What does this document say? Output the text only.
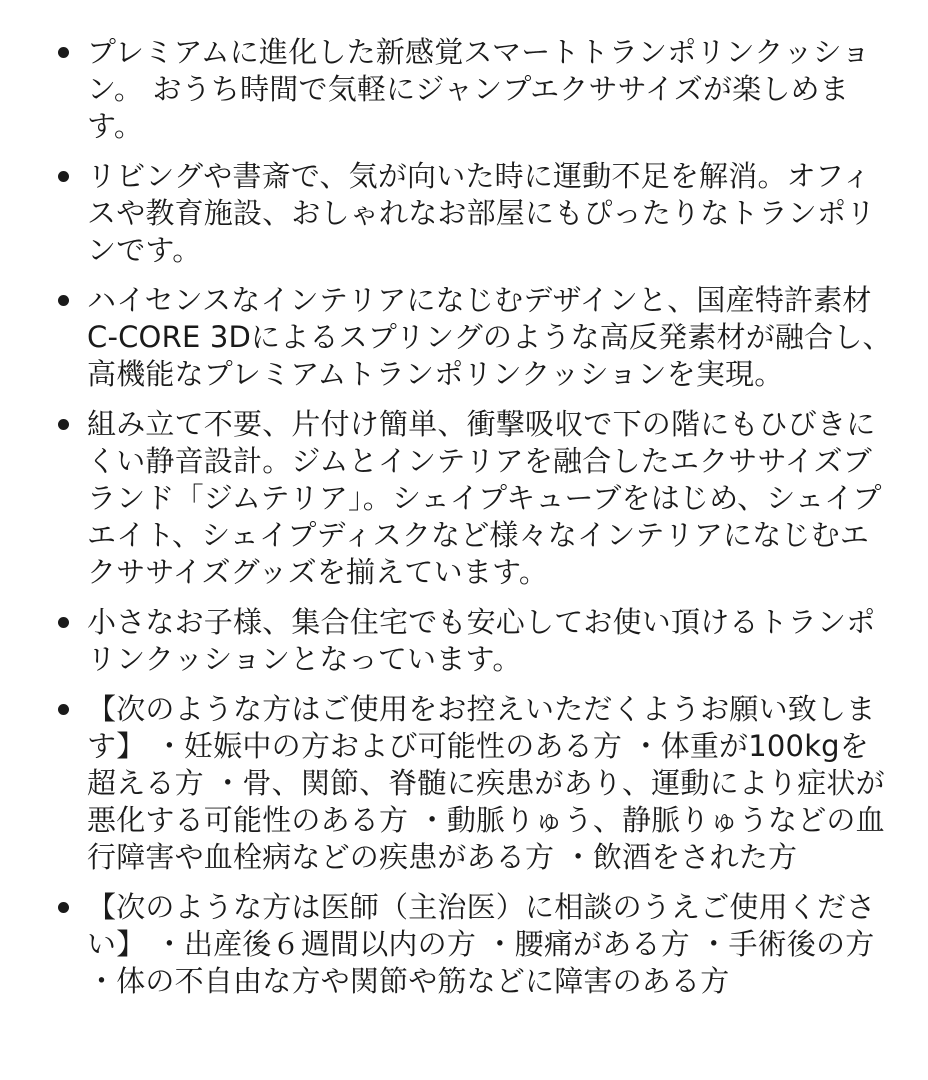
プレミアムに進化した新感覚スマートトランポリンクッション。 おうち時間で気軽にジャンプエクササイズが楽しめます。
リビングや書斎で、気が向いた時に運動不足を解消。オフィスや教育施設、おしゃれなお部屋にもぴったりなトランポリンです。
ハイセンスなインテリアになじむデザインと、国産特許素材C-CORE 3Dによるスプリングのような高反発素材が融合し、高機能なプレミアムトランポリンクッションを実現。
組み立て不要、片付け簡単、衝撃吸収で下の階にもひびきにくい静音設計。ジムとインテリアを融合したエクササイズブランド「ジムテリア」。シェイプキューブをはじめ、シェイプエイト、シェイプディスクなど様々なインテリアになじむエクササイズグッズを揃えています。
小さなお子様、集合住宅でも安心してお使い頂けるトランポリンクッションとなっています。
【次のような方はご使用をお控えいただくようお願い致します】 ・妊娠中の方および可能性のある方 ・体重が100kgを超える方 ・骨、関節、脊髄に疾患があり、運動により症状が悪化する可能性のある方 ・動脈りゅう、静脈りゅうなどの血行障害や血栓病などの疾患がある方 ・飲酒をされた方
【次のような方は医師（主治医）に相談のうえご使用ください】 ・出産後６週間以内の方 ・腰痛がある方 ・手術後の方 ・体の不自由な方や関節や筋などに障害のある方
